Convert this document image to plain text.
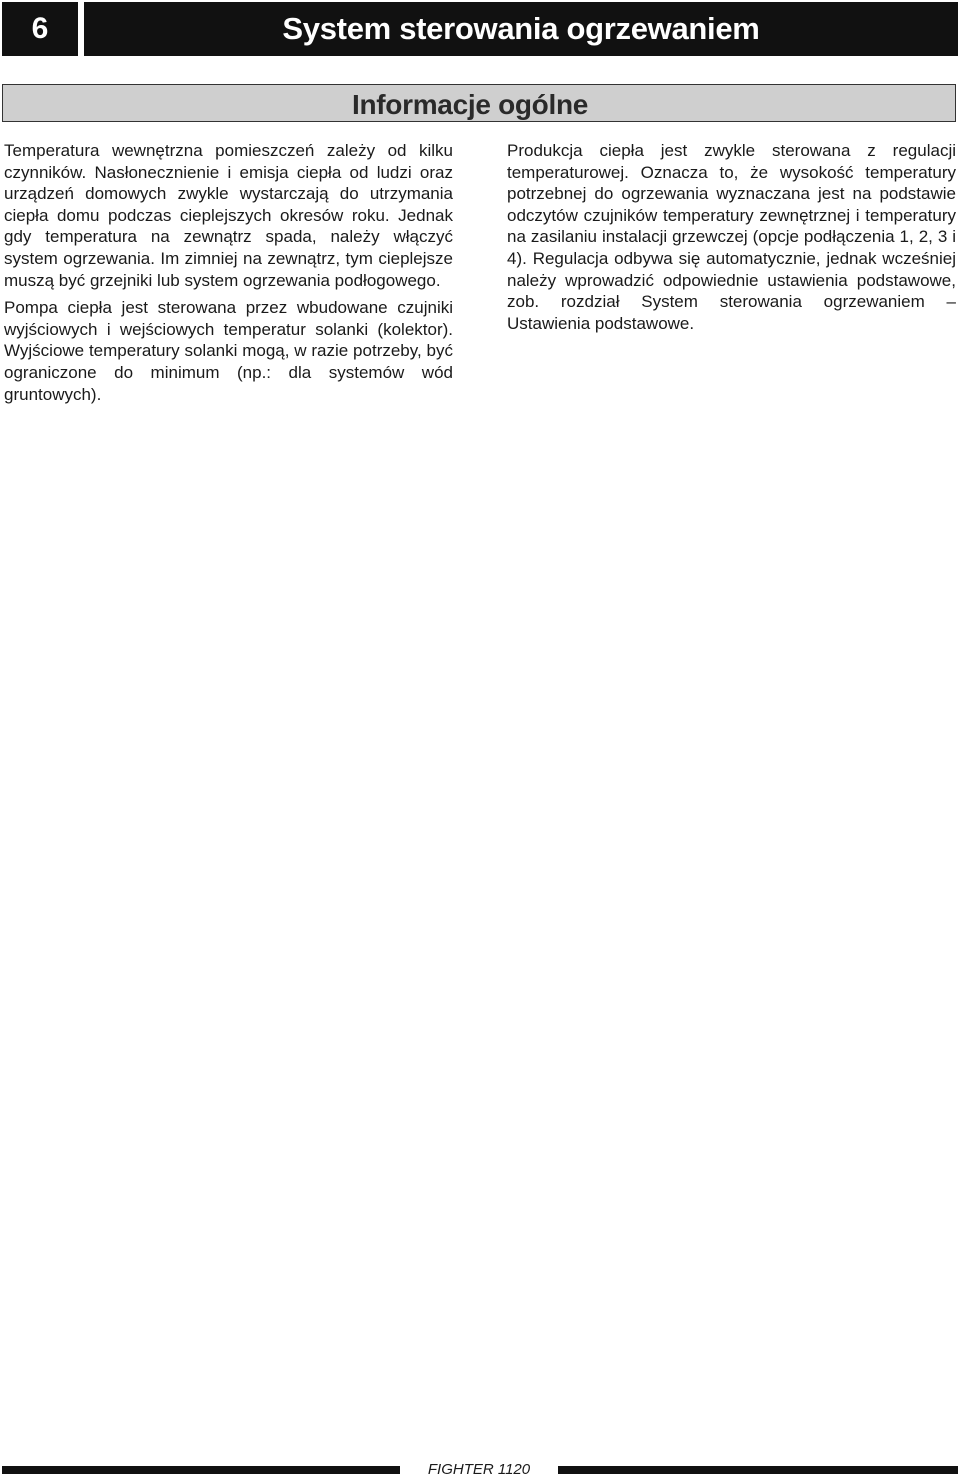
6	System sterowania ogrzewaniem
Informacje ogólne

Temperatura wewnętrzna pomieszczeń zależy od kilku czynników. Nasłonecznienie i emisja ciepła od ludzi oraz urządzeń domowych zwykle wystarczają do utrzymania ciepła domu podczas cieplejszych okresów roku. Jednak gdy temperatura na zewnątrz spada, należy włączyć system ogrzewania. Im zimniej na zewnątrz, tym cieplejsze muszą być grzejniki lub system ogrzewania podłogowego.

Pompa ciepła jest sterowana przez wbudowane czujniki wyjściowych i wejściowych temperatur solanki (kolektor). Wyjściowe temperatury solanki mogą, w razie potrzeby, być ograniczone do minimum (np.: dla systemów wód gruntowych).

Produkcja ciepła jest zwykle sterowana z regulacji temperaturowej. Oznacza to, że wysokość temperatury potrzebnej do ogrzewania wyznaczana jest na podstawie odczytów czujników temperatury zewnętrznej i temperatury na zasilaniu instalacji grzewczej (opcje podłączenia 1, 2, 3 i 4). Regulacja odbywa się automatycznie, jednak wcześniej należy wprowadzić odpowiednie ustawienia podstawowe, zob. rozdział System sterowania ogrzewaniem – Ustawienia podstawowe.

FIGHTER 1120
